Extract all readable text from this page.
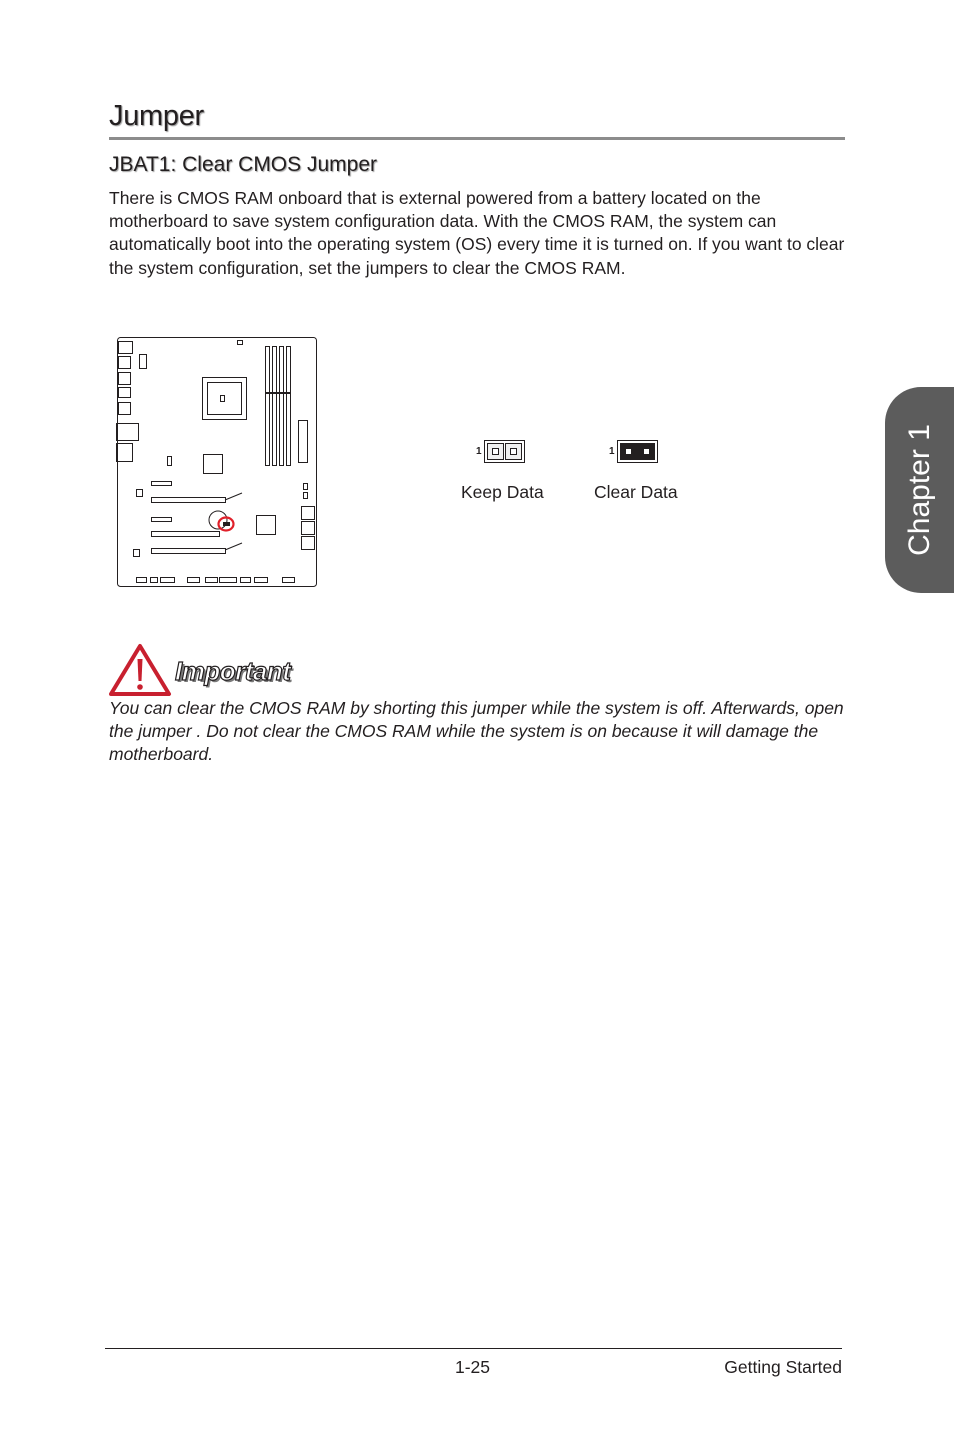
Jumper
JBAT1: Clear CMOS Jumper

There is CMOS RAM onboard that is external powered from a battery located on the motherboard to save system configuration data. With the CMOS RAM, the system can automatically boot into the operating system (OS) every time it is turned on. If you want to clear the system configuration, set the jumpers to clear the CMOS RAM.

1
Keep Data
1
Clear Data

Important

You can clear the CMOS RAM by shorting this jumper while the system is off. Afterwards, open the jumper . Do not clear the CMOS RAM while the system is on because it will damage the motherboard.

Chapter 1
1-25	Getting Started
